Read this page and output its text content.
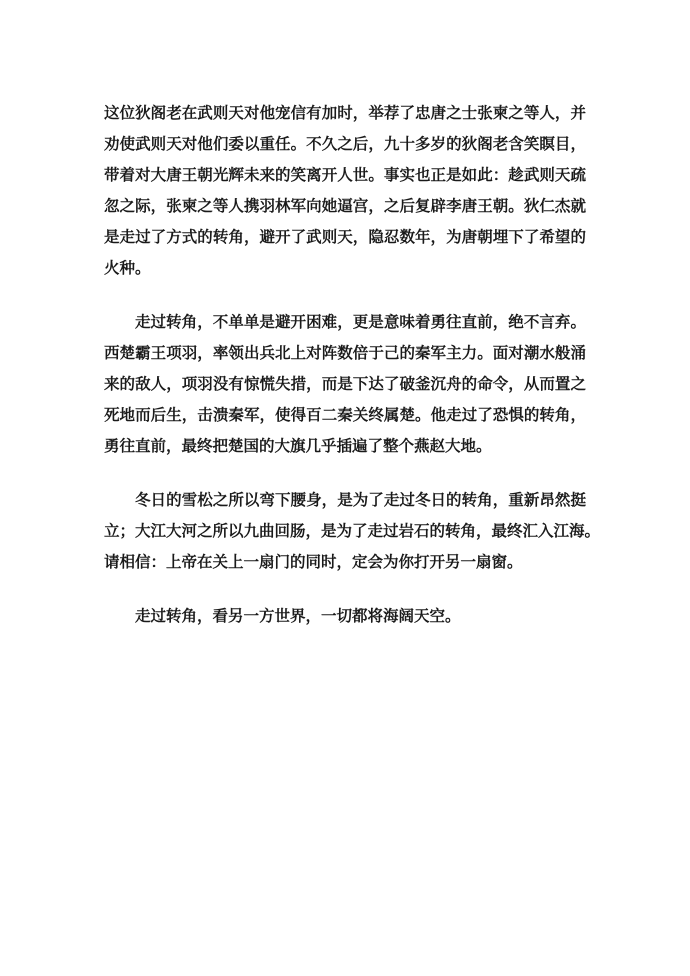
这位狄阁老在武则天对他宠信有加时，举荐了忠唐之士张柬之等人，并
劝使武则天对他们委以重任。不久之后，九十多岁的狄阁老含笑瞑目，
带着对大唐王朝光辉未来的笑离开人世。事实也正是如此：趁武则天疏
忽之际，张柬之等人携羽林军向她逼宫，之后复辟李唐王朝。狄仁杰就
是走过了方式的转角，避开了武则天，隐忍数年，为唐朝埋下了希望的
火种。

走过转角，不单单是避开困难，更是意味着勇往直前，绝不言弃。
西楚霸王项羽，率领出兵北上对阵数倍于己的秦军主力。面对潮水般涌
来的敌人，项羽没有惊慌失措，而是下达了破釜沉舟的命令，从而置之
死地而后生，击溃秦军，使得百二秦关终属楚。他走过了恐惧的转角，
勇往直前，最终把楚国的大旗几乎插遍了整个燕赵大地。

冬日的雪松之所以弯下腰身，是为了走过冬日的转角，重新昂然挺
立；大江大河之所以九曲回肠，是为了走过岩石的转角，最终汇入江海。
请相信：上帝在关上一扇门的同时，定会为你打开另一扇窗。

走过转角，看另一方世界，一切都将海阔天空。
